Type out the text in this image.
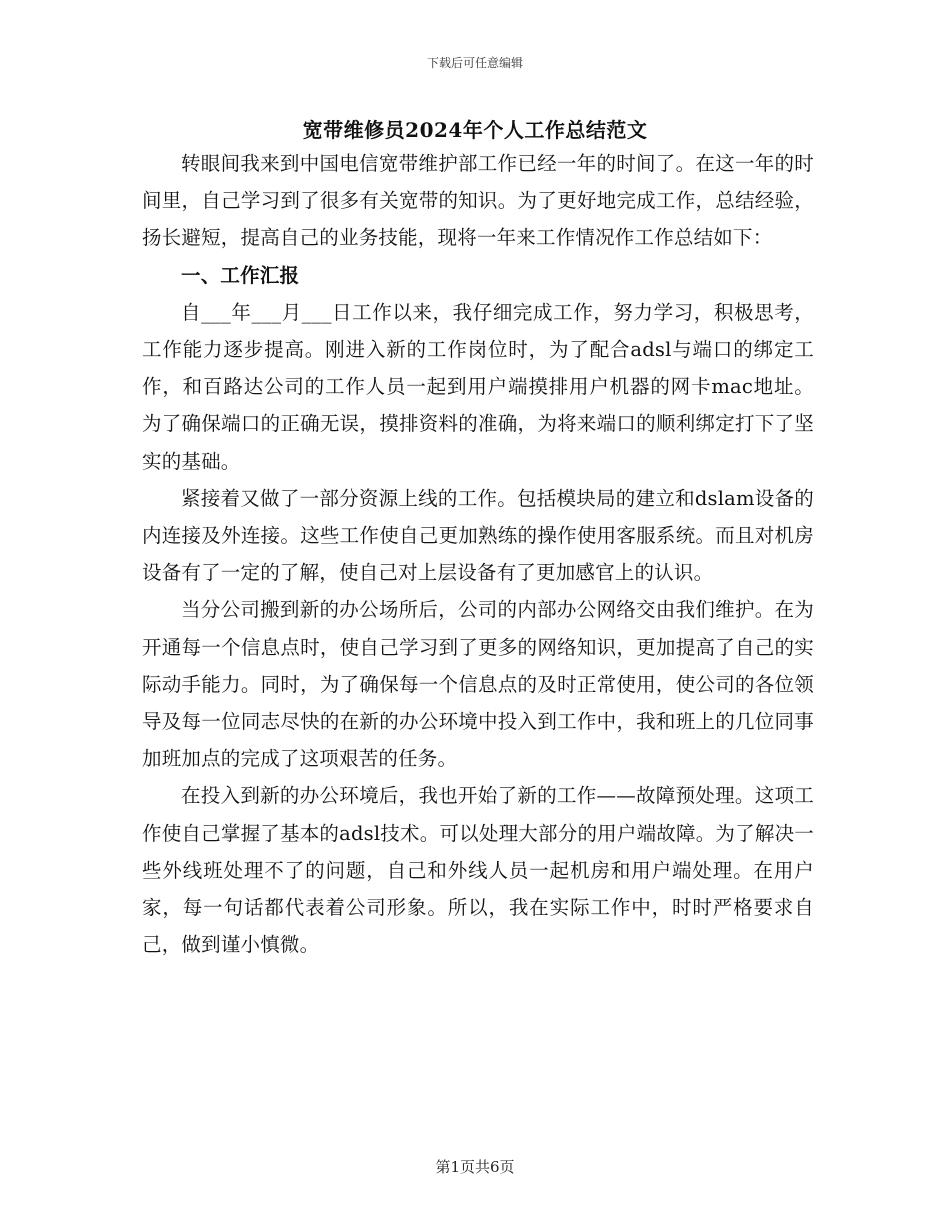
下载后可任意编辑
宽带维修员2024年个人工作总结范文

转眼间我来到中国电信宽带维护部工作已经一年的时间了。在这一年的时间里，自己学习到了很多有关宽带的知识。为了更好地完成工作，总结经验，扬长避短，提高自己的业务技能，现将一年来工作情况作工作总结如下：

一、工作汇报

自___年___月___日工作以来，我仔细完成工作，努力学习，积极思考，工作能力逐步提高。刚进入新的工作岗位时，为了配合adsl与端口的绑定工作，和百路达公司的工作人员一起到用户端摸排用户机器的网卡mac地址。为了确保端口的正确无误，摸排资料的准确，为将来端口的顺利绑定打下了坚实的基础。

紧接着又做了一部分资源上线的工作。包括模块局的建立和dslam设备的内连接及外连接。这些工作使自己更加熟练的操作使用客服系统。而且对机房设备有了一定的了解，使自己对上层设备有了更加感官上的认识。

当分公司搬到新的办公场所后，公司的内部办公网络交由我们维护。在为开通每一个信息点时，使自己学习到了更多的网络知识，更加提高了自己的实际动手能力。同时，为了确保每一个信息点的及时正常使用，使公司的各位领导及每一位同志尽快的在新的办公环境中投入到工作中，我和班上的几位同事加班加点的完成了这项艰苦的任务。

在投入到新的办公环境后，我也开始了新的工作——故障预处理。这项工作使自己掌握了基本的adsl技术。可以处理大部分的用户端故障。为了解决一些外线班处理不了的问题，自己和外线人员一起机房和用户端处理。在用户家，每一句话都代表着公司形象。所以，我在实际工作中，时时严格要求自己，做到谨小慎微。

第1页共6页
